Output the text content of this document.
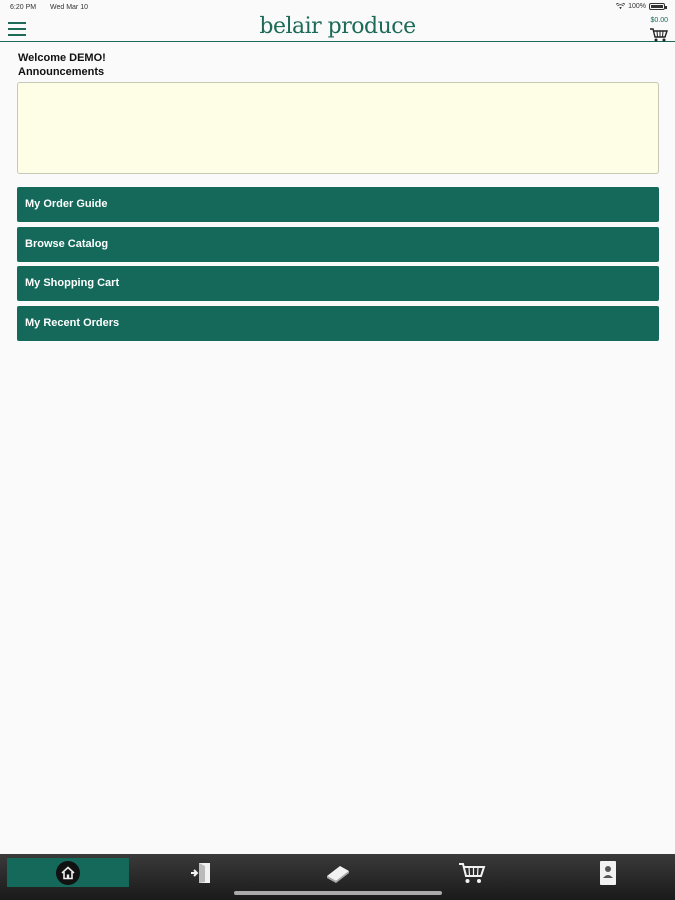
6:20 PM Wed Mar 10	100%
belair produce	$0.00
Welcome DEMO!
Announcements
My Order Guide
Browse Catalog
My Shopping Cart
My Recent Orders
